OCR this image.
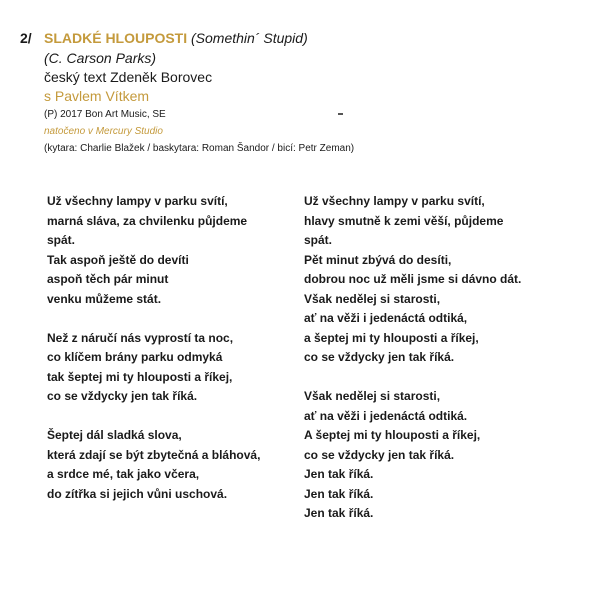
2/ SLADKÉ HLOUPOSTI (Somethin´ Stupid)
(C. Carson Parks)
český text Zdeněk Borovec
s Pavlem Vítkem
(P) 2017 Bon Art Music, SE
natočeno v Mercury Studio
(kytara: Charlie Blažek / baskytara: Roman Šandor / bicí: Petr Zeman)
Už všechny lampy v parku svítí,
marná sláva, za chvilenku půjdeme
spát.
Tak aspoň ještě do devíti
aspoň těch pár minut
venku můžeme stát.
Než z náručí nás vyprostí ta noc,
co klíčem brány parku odmyká
tak šeptej mi ty hlouposti a říkej,
co se vždycky jen tak říká.
Šeptej dál sladká slova,
která zdají se být zbytečná a bláhová,
a srdce mé, tak jako včera,
do zítřka si jejich vůni uschová.
Už všechny lampy v parku svítí,
hlavy smutně k zemi věší, půjdeme
spát.
Pět minut zbývá do desíti,
dobrou noc už měli jsme si dávno dát.
Však nedělej si starosti,
ať na věži i jedenáctá odtiká,
a šeptej mi ty hlouposti a říkej,
co se vždycky jen tak říká.
Však nedělej si starosti,
ať na věži i jedenáctá odtiká.
A šeptej mi ty hlouposti a říkej,
co se vždycky jen tak říká.
Jen tak říká.
Jen tak říká.
Jen tak říká.
